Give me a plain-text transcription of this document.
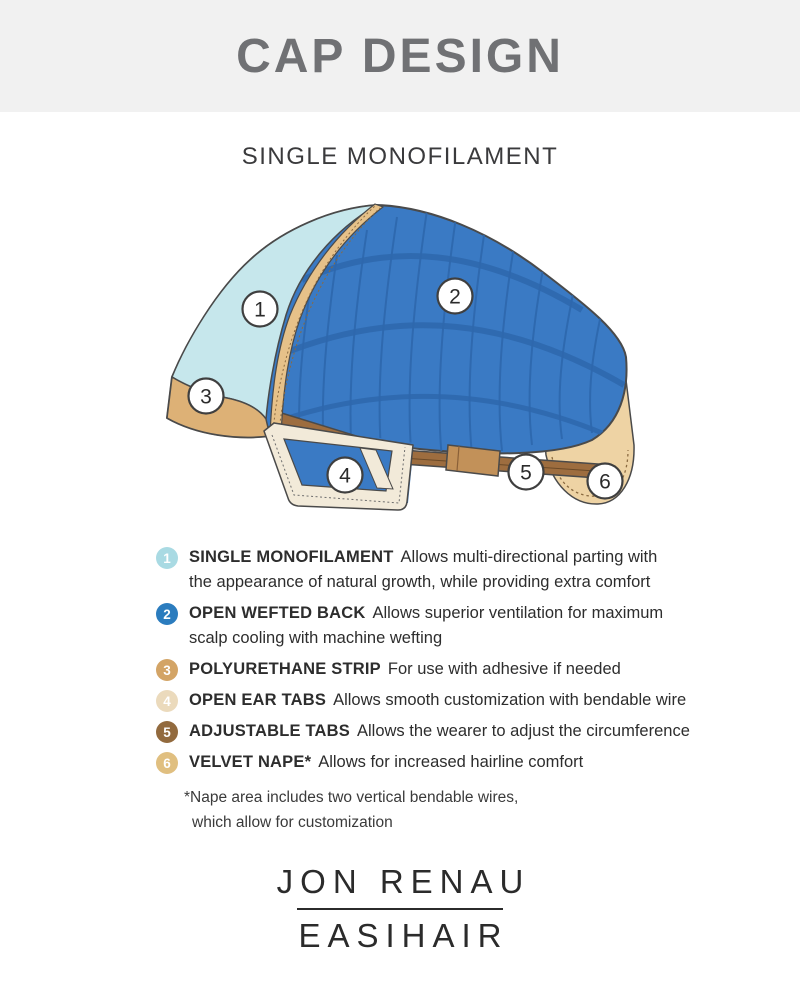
CAP DESIGN
SINGLE MONOFILAMENT
1
2
3
4	5	6
1	SINGLE MONOFILAMENT Allows multi-directional parting with
the appearance of natural growth, while providing extra comfort
2	OPEN WEFTED BACK Allows superior ventilation for maximum
scalp cooling with machine wefting
3	POLYURETHANE STRIP For use with adhesive if needed
4	OPEN EAR TABS Allows smooth customization with bendable wire
5	ADJUSTABLE TABS Allows the wearer to adjust the circumference
6	VELVET NAPE* Allows for increased hairline comfort
*Nape area includes two vertical bendable wires,
which allow for customization
JON RENAU
EASIHAIR
